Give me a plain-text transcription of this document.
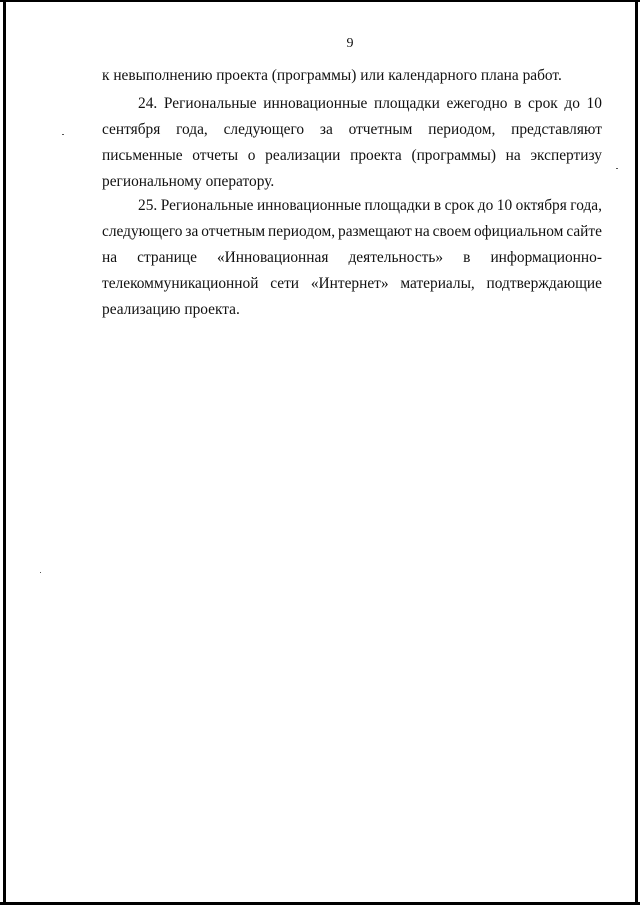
9
к невыполнению проекта (программы) или календарного плана работ.
24. Региональные инновационные площадки ежегодно в срок до 10
сентября года, следующего за отчетным периодом, представляют
письменные отчеты о реализации проекта (программы) на экспертизу
региональному оператору.
25. Региональные инновационные площадки в срок до 10 октября года,
следующего за отчетным периодом, размещают на своем официальном сайте
на странице «Инновационная деятельность» в информационно-
телекоммуникационной сети «Интернет» материалы, подтверждающие
реализацию проекта.
